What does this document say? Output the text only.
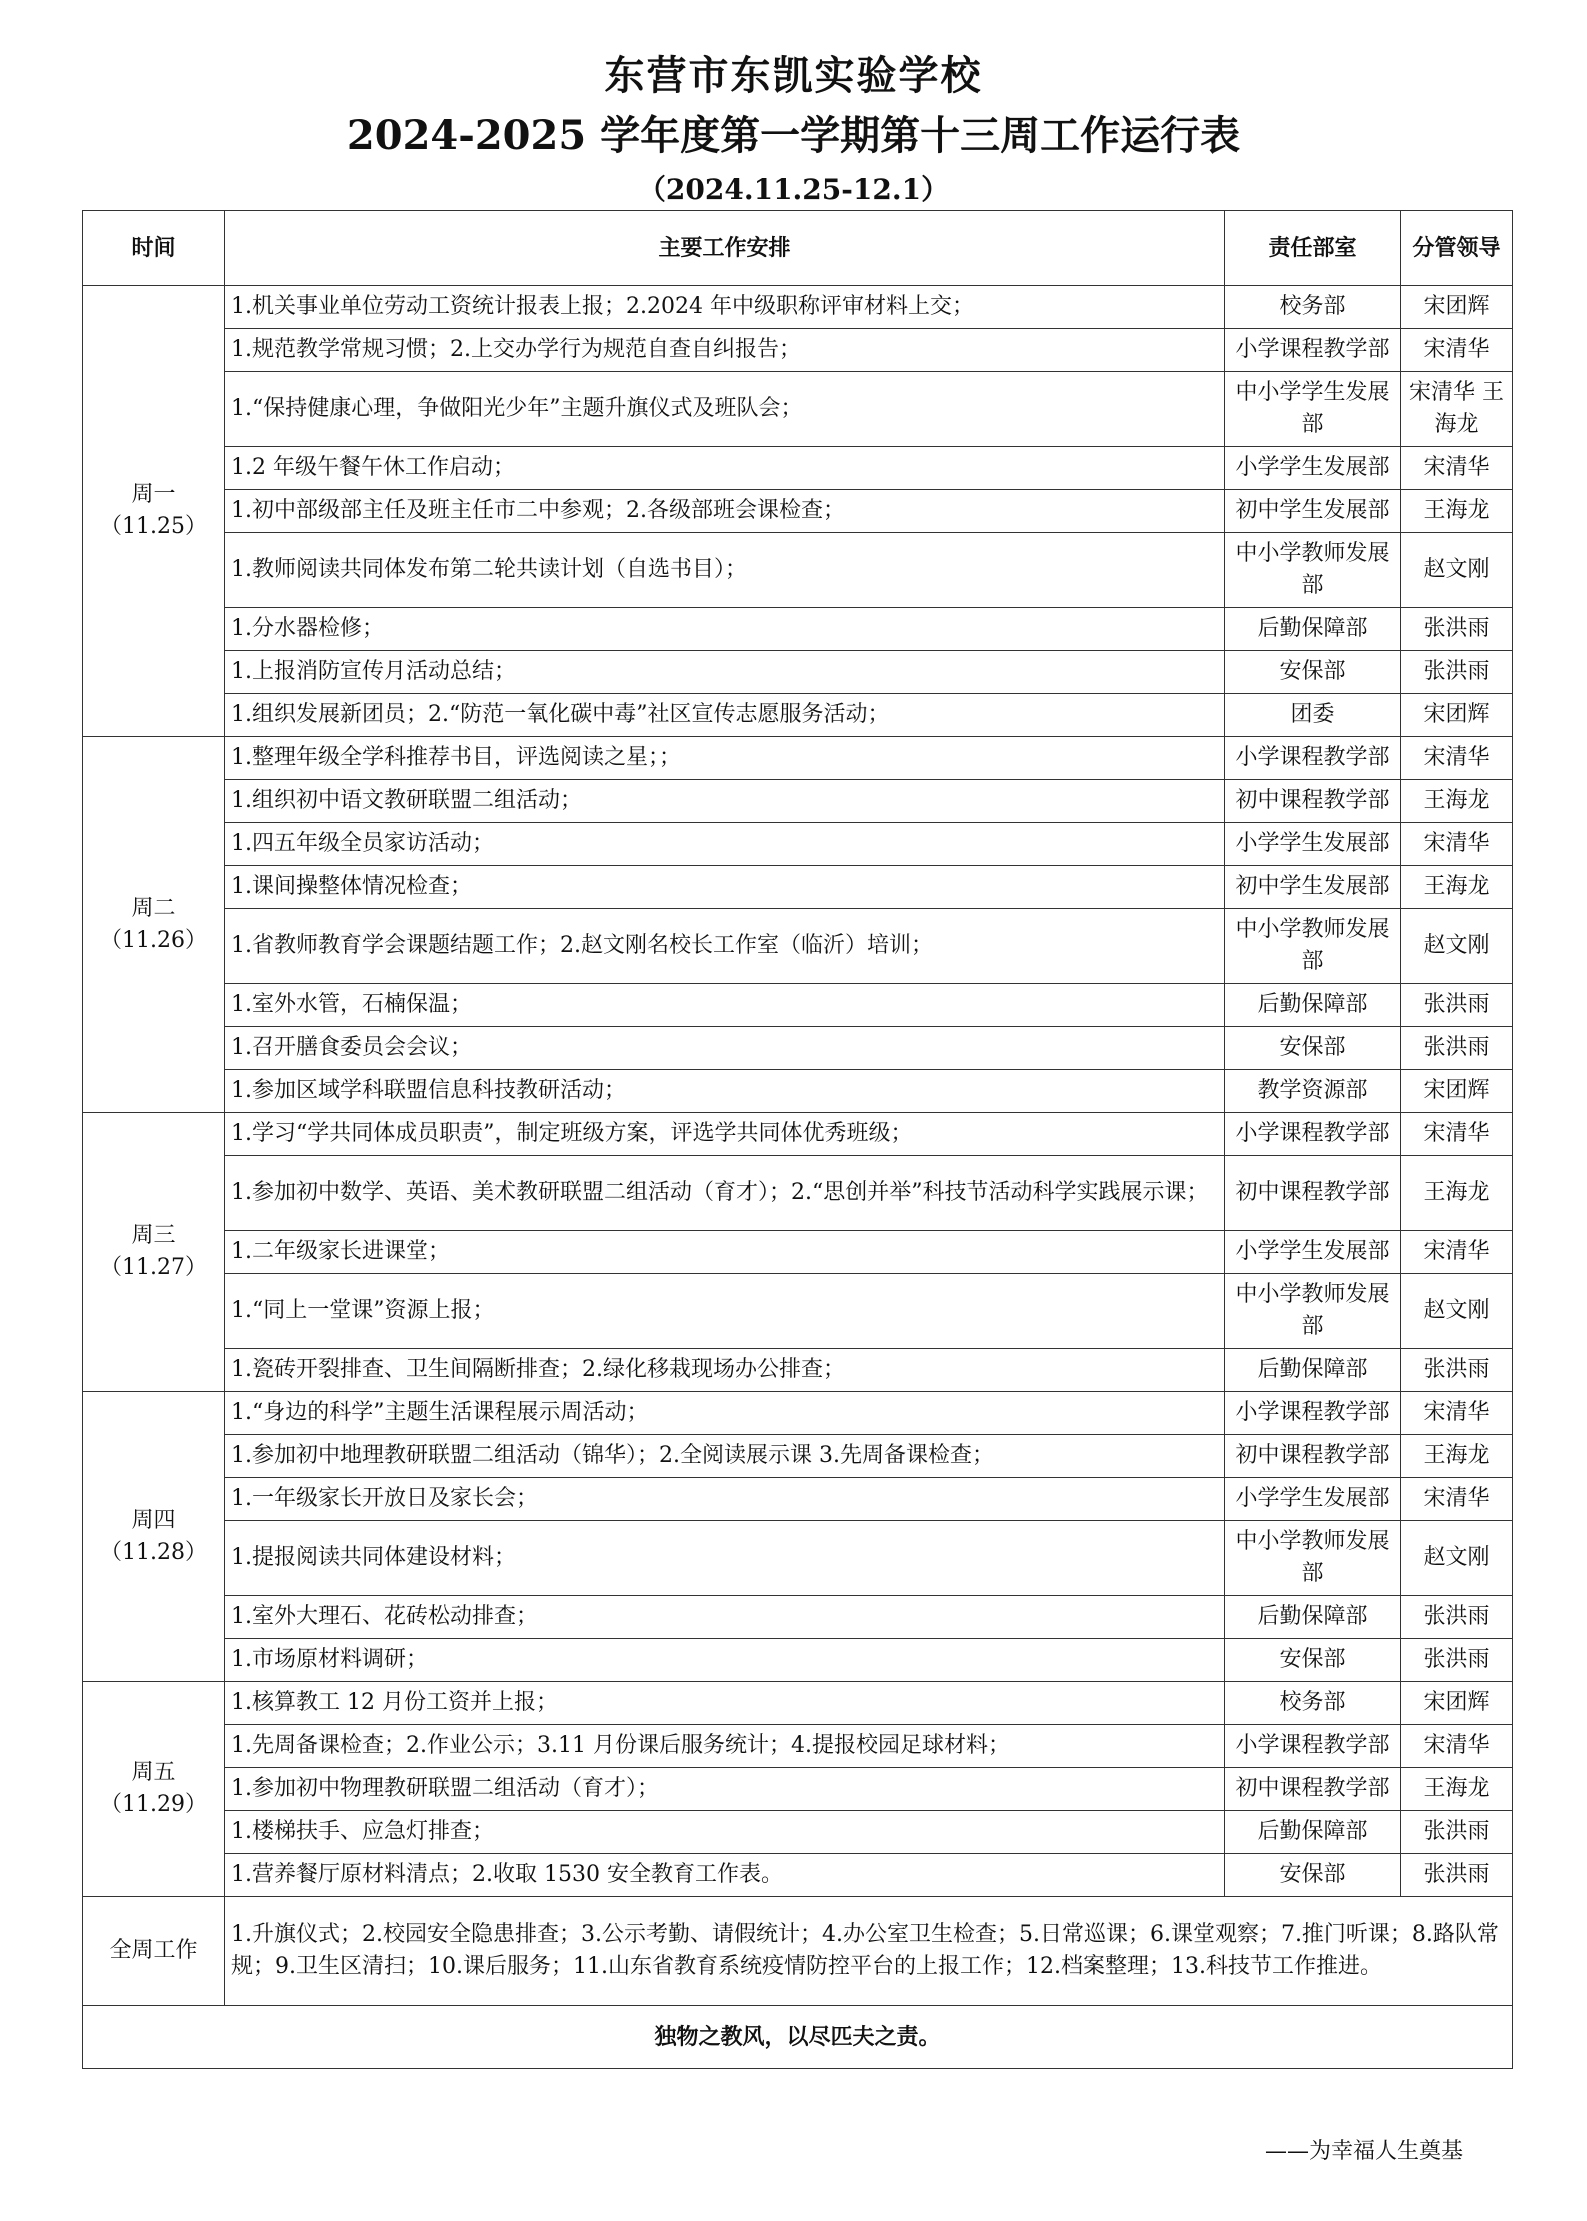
东营市东凯实验学校
2024-2025 学年度第一学期第十三周工作运行表
（2024.11.25-12.1）
时间	主要工作安排	责任部室	分管领导

周一
（11.25）	1.机关事业单位劳动工资统计报表上报；2.2024 年中级职称评审材料上交；	校务部	宋团辉
	1.规范教学常规习惯；2.上交办学行为规范自查自纠报告；	小学课程教学部	宋清华
	1.“保持健康心理，争做阳光少年”主题升旗仪式及班队会；	中小学学生发展部	宋清华 王海龙
	1.2 年级午餐午休工作启动；	小学学生发展部	宋清华
	1.初中部级部主任及班主任市二中参观；2.各级部班会课检查；	初中学生发展部	王海龙
	1.教师阅读共同体发布第二轮共读计划（自选书目）；	中小学教师发展部	赵文刚
	1.分水器检修；	后勤保障部	张洪雨
	1.上报消防宣传月活动总结；	安保部	张洪雨
	1.组织发展新团员；2.“防范一氧化碳中毒”社区宣传志愿服务活动；	团委	宋团辉

周二
（11.26）	1.整理年级全学科推荐书目，评选阅读之星；；	小学课程教学部	宋清华
	1.组织初中语文教研联盟二组活动；	初中课程教学部	王海龙
	1.四五年级全员家访活动；	小学学生发展部	宋清华
	1.课间操整体情况检查；	初中学生发展部	王海龙
	1.省教师教育学会课题结题工作；2.赵文刚名校长工作室（临沂）培训；	中小学教师发展部	赵文刚
	1.室外水管，石楠保温；	后勤保障部	张洪雨
	1.召开膳食委员会会议；	安保部	张洪雨
	1.参加区域学科联盟信息科技教研活动；	教学资源部	宋团辉

周三
（11.27）	1.学习“学共同体成员职责”，制定班级方案，评选学共同体优秀班级；	小学课程教学部	宋清华
	1.参加初中数学、英语、美术教研联盟二组活动（育才）；2.“思创并举”科技节活动科学实践展示课；	初中课程教学部	王海龙
	1.二年级家长进课堂；	小学学生发展部	宋清华
	1.“同上一堂课”资源上报；	中小学教师发展部	赵文刚
	1.瓷砖开裂排查、卫生间隔断排查；2.绿化移栽现场办公排查；	后勤保障部	张洪雨

周四
（11.28）	1.“身边的科学”主题生活课程展示周活动；	小学课程教学部	宋清华
	1.参加初中地理教研联盟二组活动（锦华）；2.全阅读展示课 3.先周备课检查；	初中课程教学部	王海龙
	1.一年级家长开放日及家长会；	小学学生发展部	宋清华
	1.提报阅读共同体建设材料；	中小学教师发展部	赵文刚
	1.室外大理石、花砖松动排查；	后勤保障部	张洪雨
	1.市场原材料调研；	安保部	张洪雨

周五
（11.29）	1.核算教工 12 月份工资并上报；	校务部	宋团辉
	1.先周备课检查；2.作业公示；3.11 月份课后服务统计；4.提报校园足球材料；	小学课程教学部	宋清华
	1.参加初中物理教研联盟二组活动（育才）；	初中课程教学部	王海龙
	1.楼梯扶手、应急灯排查；	后勤保障部	张洪雨
	1.营养餐厅原材料清点；2.收取 1530 安全教育工作表。	安保部	张洪雨
全周工作	1.升旗仪式；2.校园安全隐患排查；3.公示考勤、请假统计；4.办公室卫生检查；5.日常巡课；6.课堂观察；7.推门听课；8.路队常规；9.卫生区清扫；10.课后服务；11.山东省教育系统疫情防控平台的上报工作；12.档案整理；13.科技节工作推进。		
独物之教风，以尽匹夫之责。			
——为幸福人生奠基
